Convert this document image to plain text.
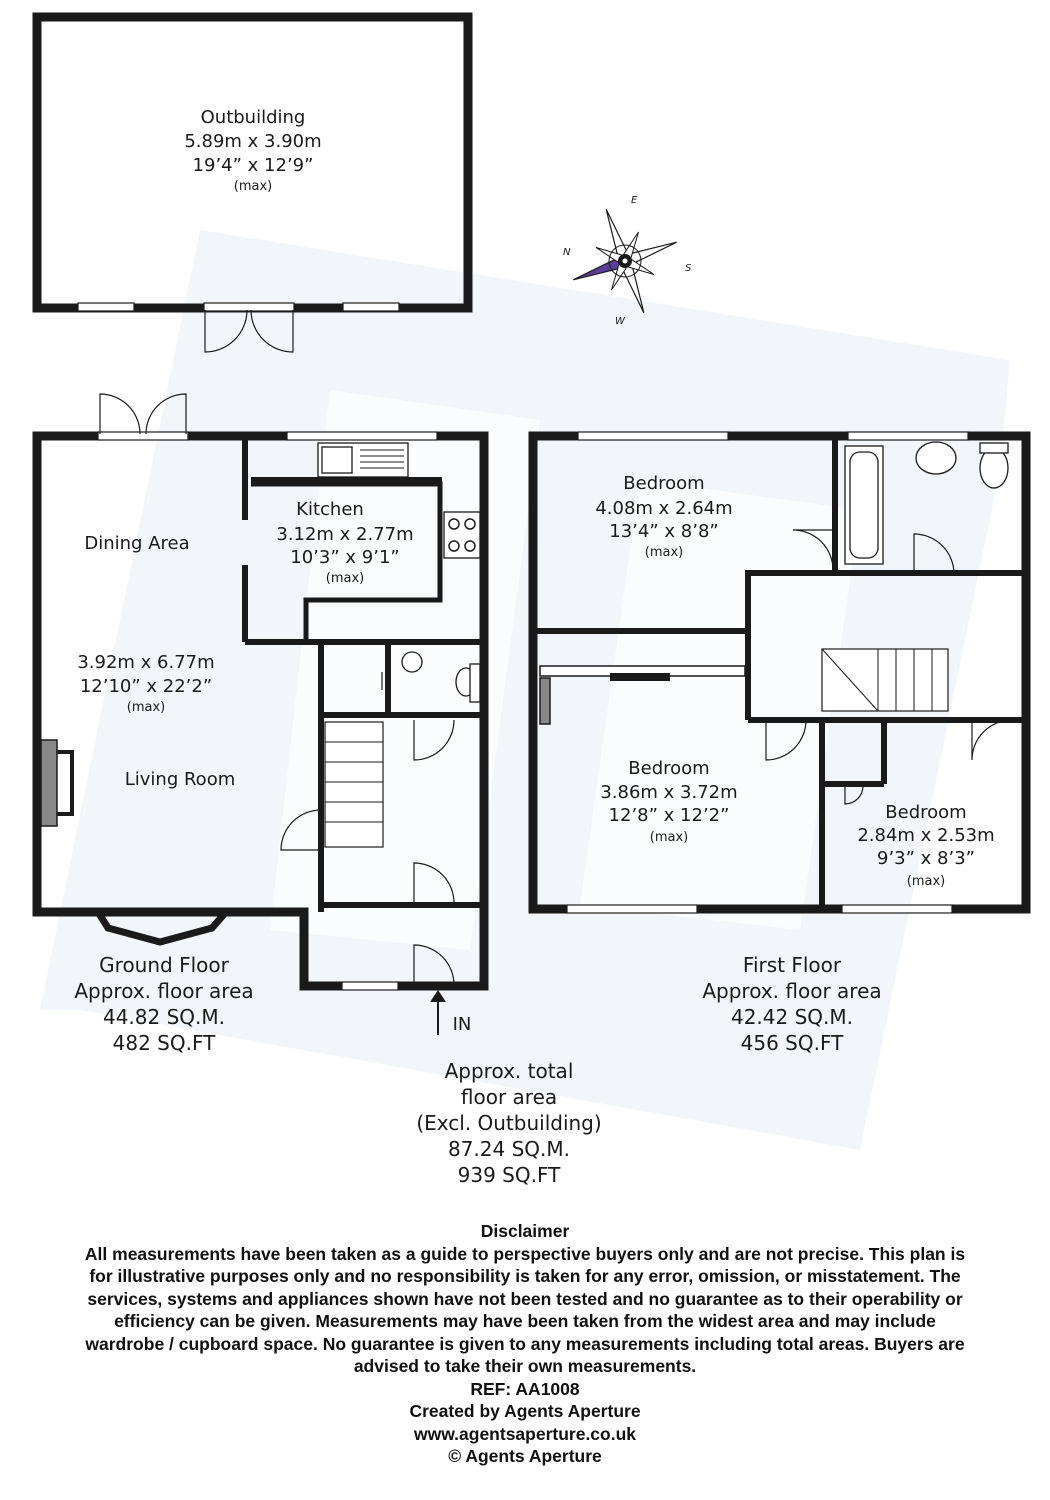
Outbuilding
5.89m x 3.90m
19’4” x 12’9”
(max)
N
E
S
W
IN
Kitchen
3.12m x 2.77m
10’3” x 9’1”
(max)
Dining Area
3.92m x 6.77m
12’10” x 22’2”
(max)
Living Room
Bedroom
4.08m x 2.64m
13’4” x 8’8”
(max)
Bedroom
3.86m x 3.72m
12’8” x 12’2”
(max)
Bedroom
2.84m x 2.53m
9’3” x 8’3”
(max)
Ground Floor
Approx. floor area
44.82 SQ.M.
482 SQ.FT
First Floor
Approx. floor area
42.42 SQ.M.
456 SQ.FT
Approx. total
floor area
(Excl. Outbuilding)
87.24 SQ.M.
939 SQ.FT
Disclaimer
All measurements have been taken as a guide to perspective buyers only and are not precise. This plan is
for illustrative purposes only and no responsibility is taken for any error, omission, or misstatement. The
services, systems and appliances shown have not been tested and no guarantee as to their operability or
efficiency can be given. Measurements may have been taken from the widest area and may include
wardrobe / cupboard space. No guarantee is given to any measurements including total areas. Buyers are
advised to take their own measurements.
REF: AA1008
Created by Agents Aperture
www.agentsaperture.co.uk
© Agents Aperture
